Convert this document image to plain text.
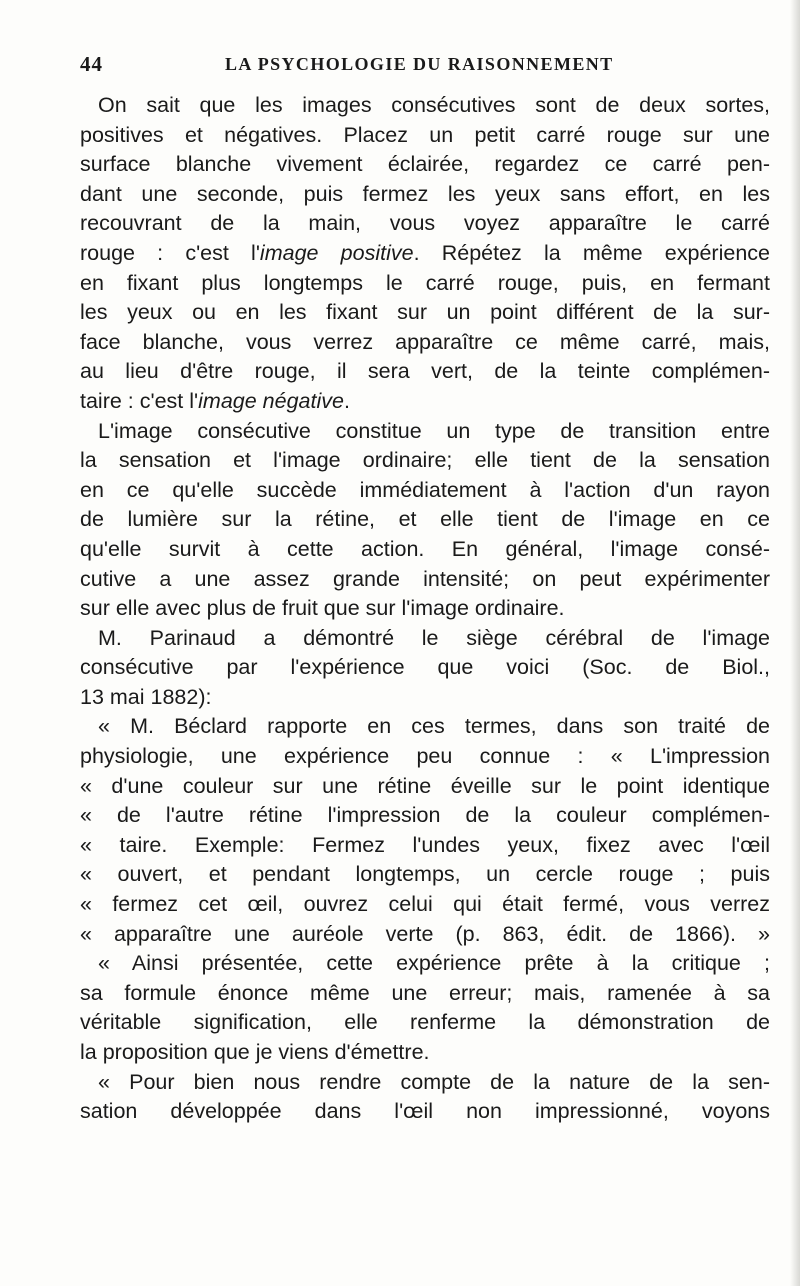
44	LA PSYCHOLOGIE DU RAISONNEMENT
On sait que les images consécutives sont de deux sortes,
positives et négatives. Placez un petit carré rouge sur une
surface blanche vivement éclairée, regardez ce carré pen-
dant une seconde, puis fermez les yeux sans effort, en les
recouvrant de la main, vous voyez apparaître le carré
rouge : c'est l'image positive. Répétez la même expérience
en fixant plus longtemps le carré rouge, puis, en fermant
les yeux ou en les fixant sur un point différent de la sur-
face blanche, vous verrez apparaître ce même carré, mais,
au lieu d'être rouge, il sera vert, de la teinte complémen-
taire : c'est l'image négative.
L'image consécutive constitue un type de transition entre
la sensation et l'image ordinaire; elle tient de la sensation
en ce qu'elle succède immédiatement à l'action d'un rayon
de lumière sur la rétine, et elle tient de l'image en ce
qu'elle survit à cette action. En général, l'image consé-
cutive a une assez grande intensité; on peut expérimenter
sur elle avec plus de fruit que sur l'image ordinaire.
M. Parinaud a démontré le siège cérébral de l'image
consécutive par l'expérience que voici (Soc. de Biol.,
13 mai 1882):
« M. Béclard rapporte en ces termes, dans son traité de
physiologie, une expérience peu connue : « L'impression
« d'une couleur sur une rétine éveille sur le point identique
« de l'autre rétine l'impression de la couleur complémen-
« taire. Exemple: Fermez l'undes yeux, fixez avec l'œil
« ouvert, et pendant longtemps, un cercle rouge ; puis
« fermez cet œil, ouvrez celui qui était fermé, vous verrez
« apparaître une auréole verte (p. 863, édit. de 1866). »
« Ainsi présentée, cette expérience prête à la critique ;
sa formule énonce même une erreur; mais, ramenée à sa
véritable signification, elle renferme la démonstration de
la proposition que je viens d'émettre.
« Pour bien nous rendre compte de la nature de la sen-
sation développée dans l'œil non impressionné, voyons
